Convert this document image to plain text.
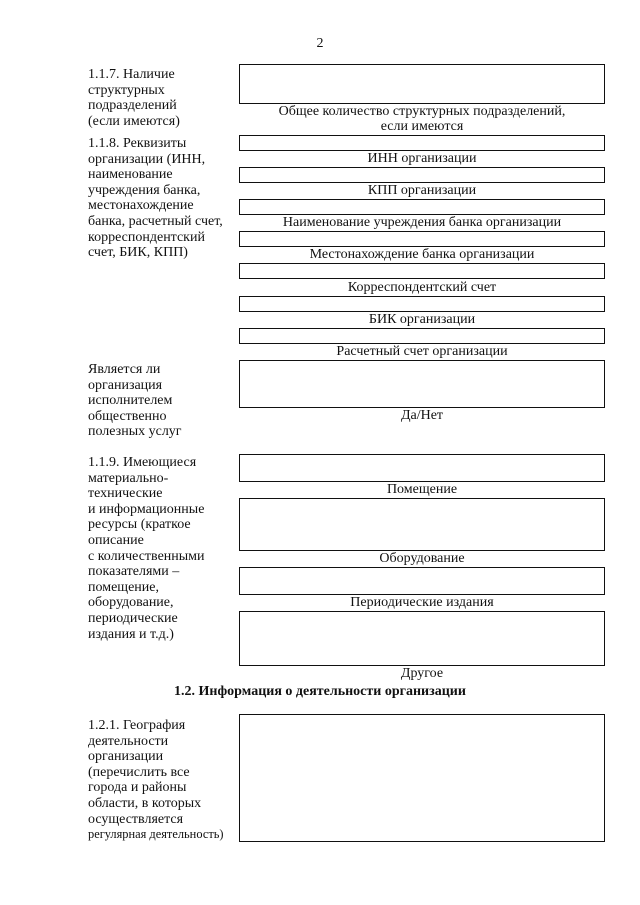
2
1.1.7. Наличие
структурных
подразделений
(если имеются)
Общее количество структурных подразделений,
если имеются
1.1.8. Реквизиты
организации (ИНН,
наименование
учреждения банка,
местонахождение
банка, расчетный счет,
корреспондентский
счет, БИК, КПП)
ИНН организации
КПП организации
Наименование учреждения банка организации
Местонахождение банка организации
Корреспондентский счет
БИК организации
Расчетный счет организации
Является ли
организация
исполнителем
общественно
полезных услуг
Да/Нет
1.1.9. Имеющиеся
материально-
технические
и информационные
ресурсы (краткое
описание
с количественными
показателями –
помещение,
оборудование,
периодические
издания и т.д.)
Помещение
Оборудование
Периодические издания
Другое
1.2. Информация о деятельности организации
1.2.1. География
деятельности
организации
(перечислить все
города и районы
области, в которых
осуществляется
регулярная деятельность)
